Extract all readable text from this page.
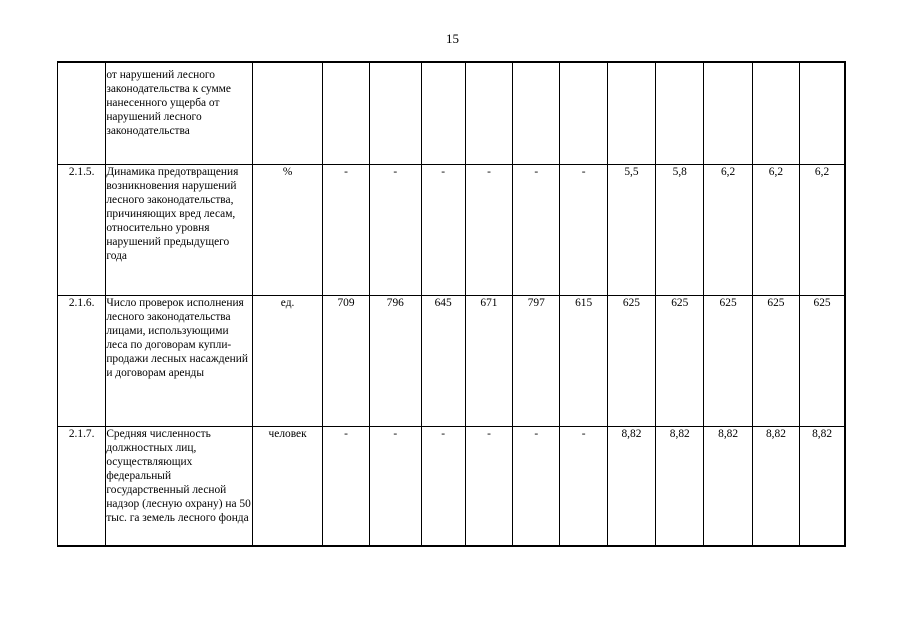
15
	от нарушений лесного законодательства к сумме нанесенного ущерба от нарушений лесного законодательства												
2.1.5.	Динамика предотвращения возникновения нарушений лесного законодательства, причиняющих вред лесам, относительно уровня нарушений предыдущего года	%	-	-	-	-	-	-	5,5	5,8	6,2	6,2	6,2
2.1.6.	Число проверок исполнения лесного законодательства лицами, использующими леса по договорам купли-продажи лесных насаждений и договорам аренды	ед.	709	796	645	671	797	615	625	625	625	625	625
2.1.7.	Средняя численность должностных лиц, осуществляющих федеральный государственный лесной надзор (лесную охрану) на 50 тыс. га земель лесного фонда	человек	-	-	-	-	-	-	8,82	8,82	8,82	8,82	8,82
